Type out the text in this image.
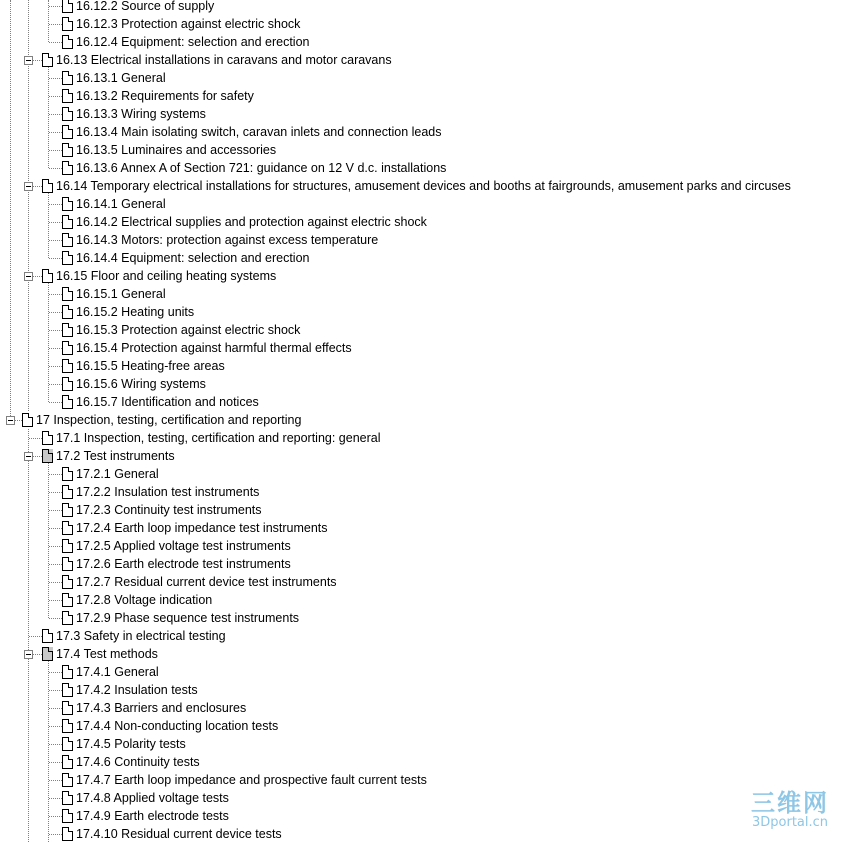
16.12.2 Source of supply
16.12.3 Protection against electric shock
16.12.4 Equipment: selection and erection
16.13 Electrical installations in caravans and motor caravans
16.13.1 General
16.13.2 Requirements for safety
16.13.3 Wiring systems
16.13.4 Main isolating switch, caravan inlets and connection leads
16.13.5 Luminaires and accessories
16.13.6 Annex A of Section 721: guidance on 12 V d.c. installations
16.14 Temporary electrical installations for structures, amusement devices and booths at fairgrounds, amusement parks and circuses
16.14.1 General
16.14.2 Electrical supplies and protection against electric shock
16.14.3 Motors: protection against excess temperature
16.14.4 Equipment: selection and erection
16.15 Floor and ceiling heating systems
16.15.1 General
16.15.2 Heating units
16.15.3 Protection against electric shock
16.15.4 Protection against harmful thermal effects
16.15.5 Heating-free areas
16.15.6 Wiring systems
16.15.7 Identification and notices
17 Inspection, testing, certification and reporting
17.1 Inspection, testing, certification and reporting: general
17.2 Test instruments
17.2.1 General
17.2.2 Insulation test instruments
17.2.3 Continuity test instruments
17.2.4 Earth loop impedance test instruments
17.2.5 Applied voltage test instruments
17.2.6 Earth electrode test instruments
17.2.7 Residual current device test instruments
17.2.8 Voltage indication
17.2.9 Phase sequence test instruments
17.3 Safety in electrical testing
17.4 Test methods
17.4.1 General
17.4.2 Insulation tests
17.4.3 Barriers and enclosures
17.4.4 Non-conducting location tests
17.4.5 Polarity tests
17.4.6 Continuity tests
17.4.7 Earth loop impedance and prospective fault current tests
17.4.8 Applied voltage tests
17.4.9 Earth electrode tests
17.4.10 Residual current device tests
三维网
3Dportal.cn
